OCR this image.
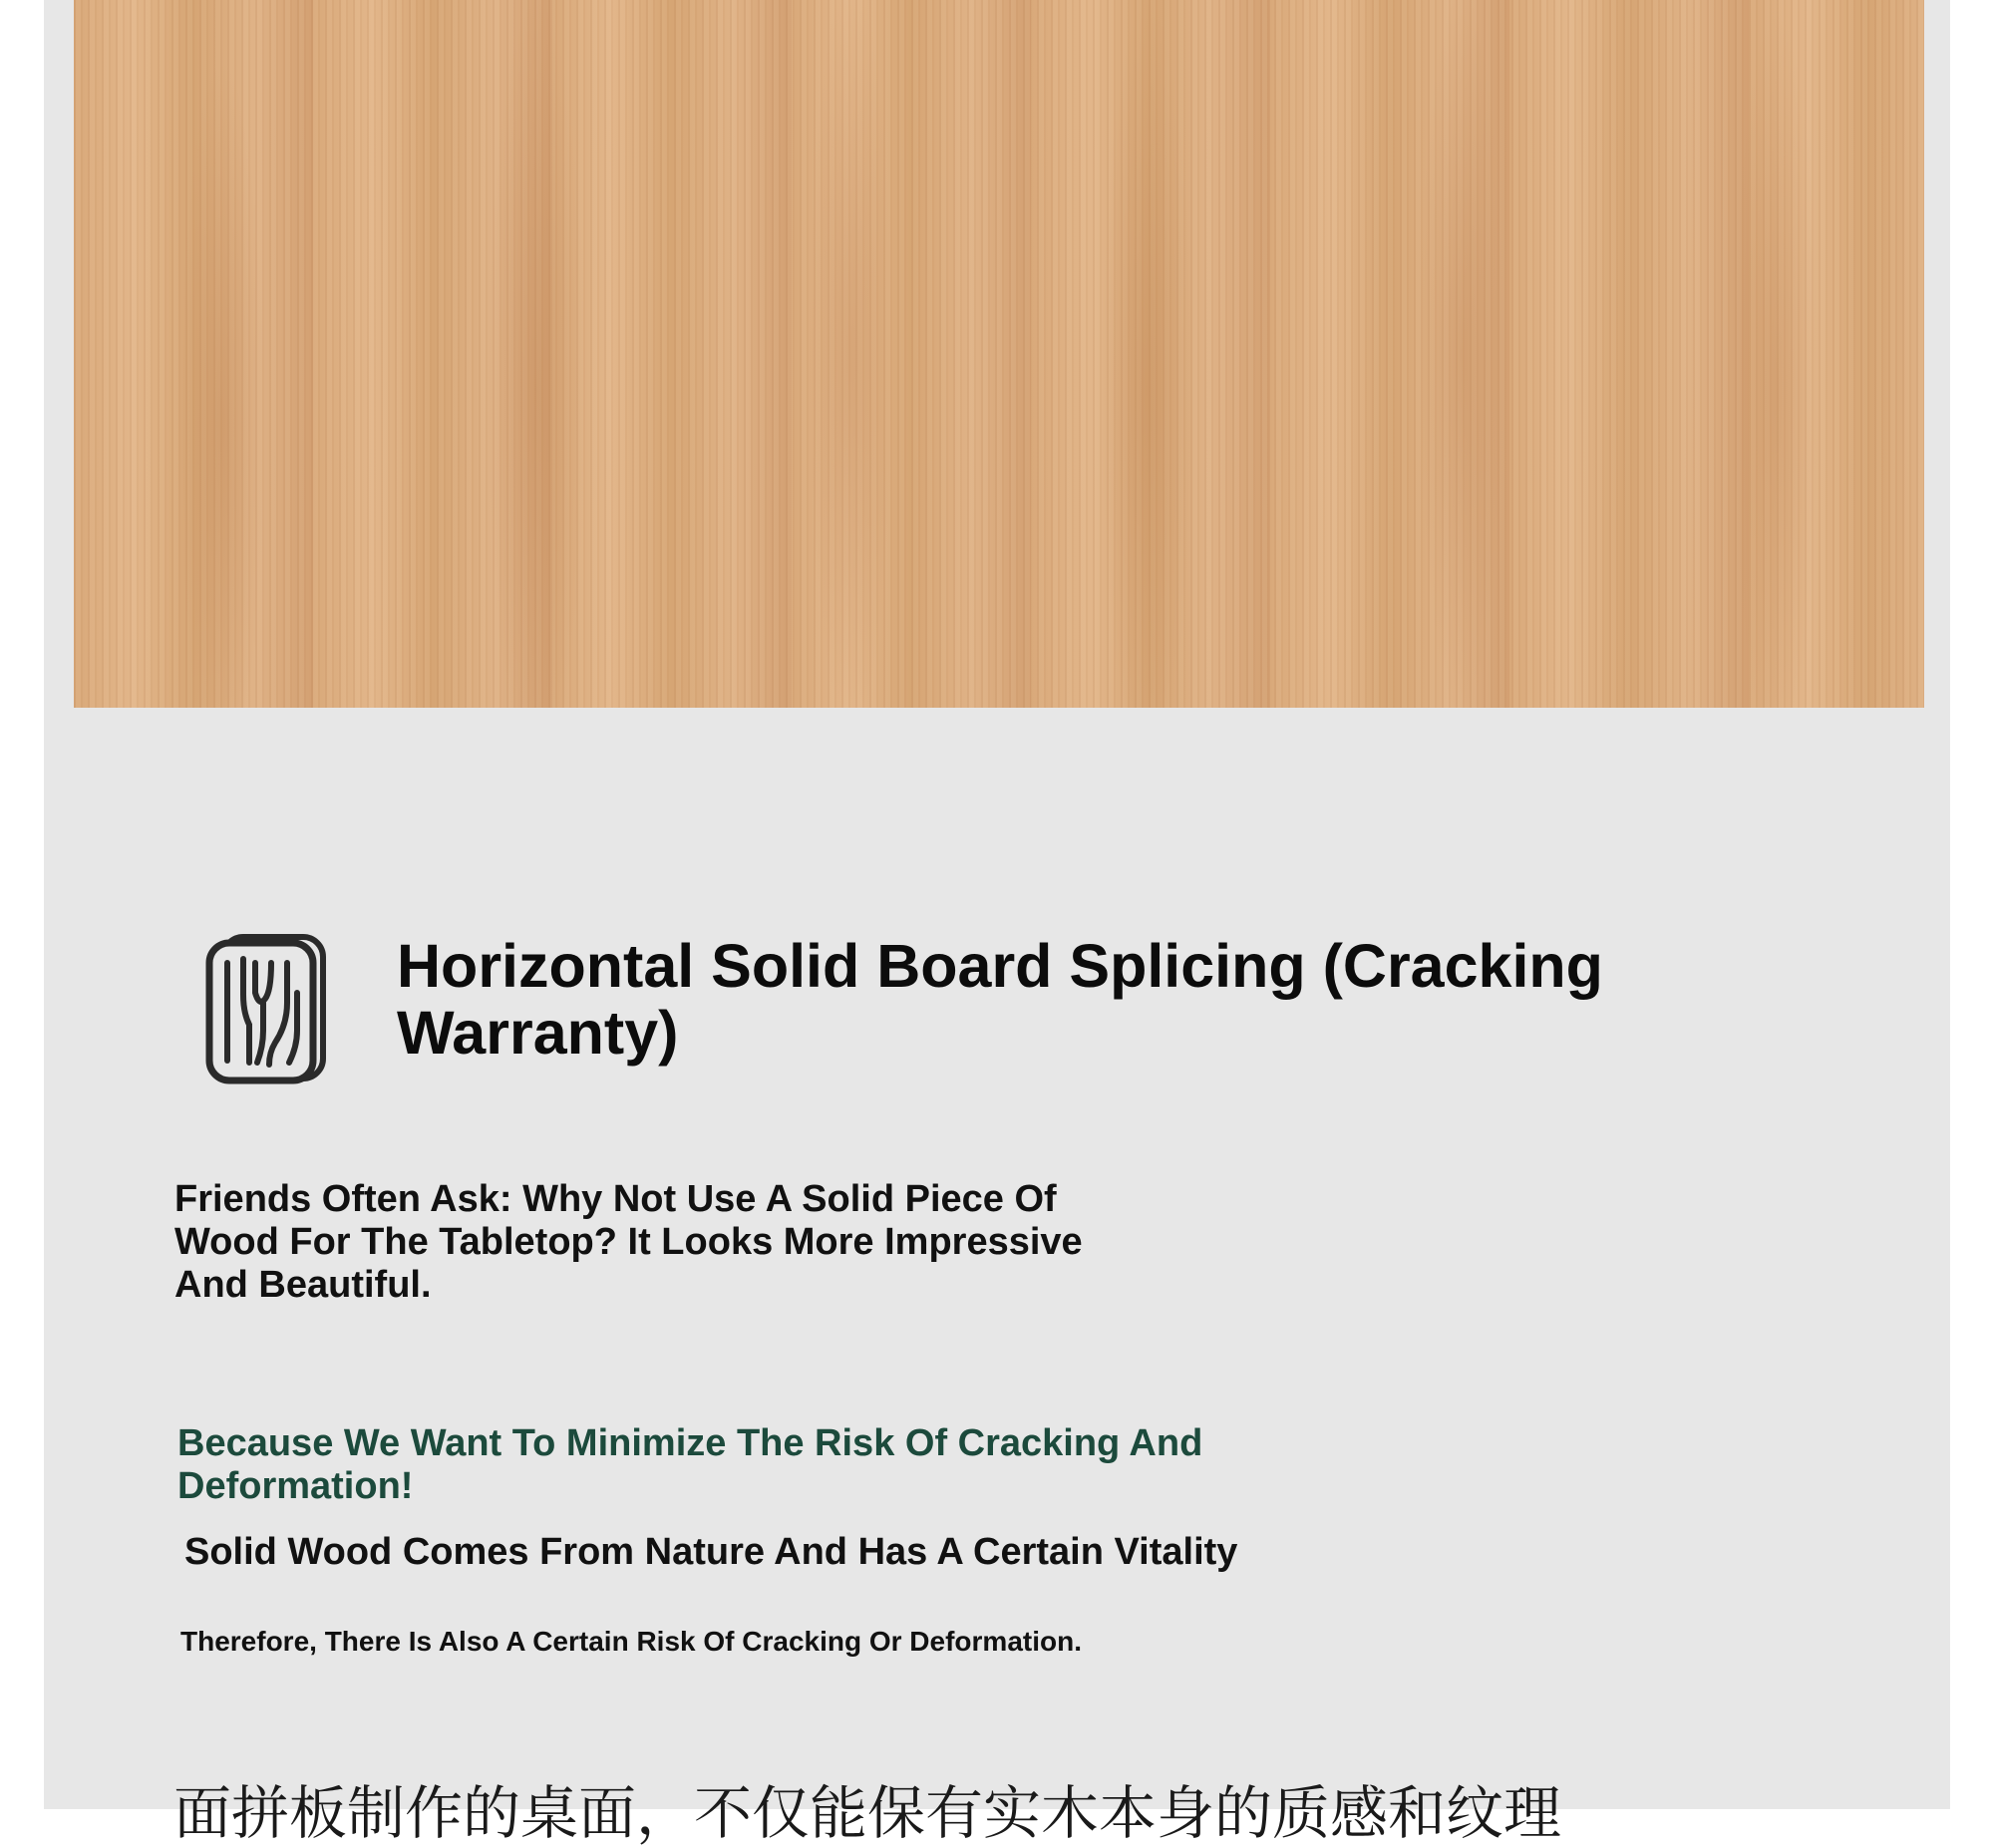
Horizontal Solid Board Splicing (Cracking Warranty)

Friends Often Ask: Why Not Use A Solid Piece Of Wood For The Tabletop? It Looks More Impressive And Beautiful.

Because We Want To Minimize The Risk Of Cracking And Deformation!

Solid Wood Comes From Nature And Has A Certain Vitality

Therefore, There Is Also A Certain Risk Of Cracking Or Deformation.

面拼板制作的桌面，不仅能保有实木本身的质感和纹理
